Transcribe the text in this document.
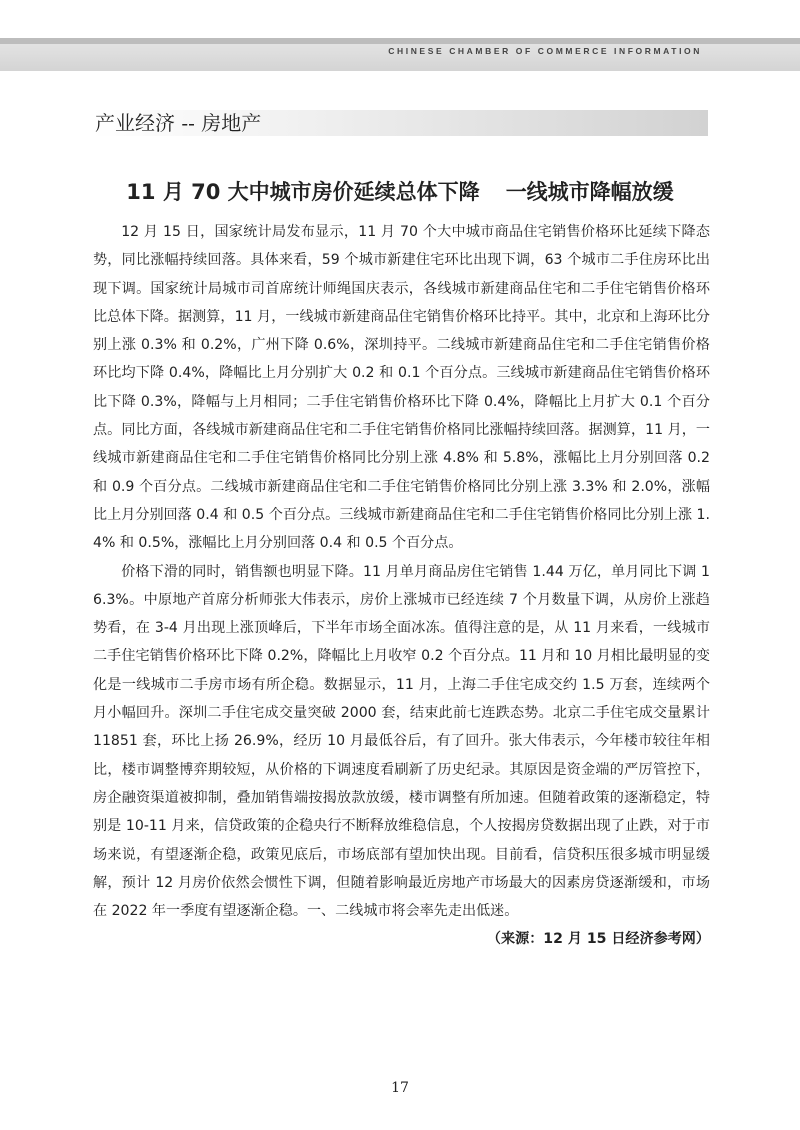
CHINESE CHAMBER OF COMMERCE INFORMATION
产业经济 -- 房地产
11 月 70 大中城市房价延续总体下降 一线城市降幅放缓

12 月 15 日，国家统计局发布显示，11 月 70 个大中城市商品住宅销售价格环比延续下降态势，同比涨幅持续回落。具体来看，59 个城市新建住宅环比出现下调，63 个城市二手住房环比出现下调。国家统计局城市司首席统计师绳国庆表示，各线城市新建商品住宅和二手住宅销售价格环比总体下降。据测算，11 月，一线城市新建商品住宅销售价格环比持平。其中，北京和上海环比分别上涨 0.3% 和 0.2%，广州下降 0.6%，深圳持平。二线城市新建商品住宅和二手住宅销售价格环比均下降 0.4%，降幅比上月分别扩大 0.2 和 0.1 个百分点。三线城市新建商品住宅销售价格环比下降 0.3%，降幅与上月相同；二手住宅销售价格环比下降 0.4%，降幅比上月扩大 0.1 个百分点。同比方面，各线城市新建商品住宅和二手住宅销售价格同比涨幅持续回落。据测算，11 月，一线城市新建商品住宅和二手住宅销售价格同比分别上涨 4.8% 和 5.8%，涨幅比上月分别回落 0.2 和 0.9 个百分点。二线城市新建商品住宅和二手住宅销售价格同比分别上涨 3.3% 和 2.0%，涨幅比上月分别回落 0.4 和 0.5 个百分点。三线城市新建商品住宅和二手住宅销售价格同比分别上涨 1.4% 和 0.5%，涨幅比上月分别回落 0.4 和 0.5 个百分点。

价格下滑的同时，销售额也明显下降。11 月单月商品房住宅销售 1.44 万亿，单月同比下调 16.3%。中原地产首席分析师张大伟表示，房价上涨城市已经连续 7 个月数量下调，从房价上涨趋势看，在 3-4 月出现上涨顶峰后，下半年市场全面冰冻。值得注意的是，从 11 月来看，一线城市二手住宅销售价格环比下降 0.2%，降幅比上月收窄 0.2 个百分点。11 月和 10 月相比最明显的变化是一线城市二手房市场有所企稳。数据显示，11 月，上海二手住宅成交约 1.5 万套，连续两个月小幅回升。深圳二手住宅成交量突破 2000 套，结束此前七连跌态势。北京二手住宅成交量累计 11851 套，环比上扬 26.9%，经历 10 月最低谷后，有了回升。张大伟表示，今年楼市较往年相比，楼市调整博弈期较短，从价格的下调速度看刷新了历史纪录。其原因是资金端的严厉管控下，房企融资渠道被抑制，叠加销售端按揭放款放缓，楼市调整有所加速。但随着政策的逐渐稳定，特别是 10-11 月来，信贷政策的企稳央行不断释放维稳信息，个人按揭房贷数据出现了止跌，对于市场来说，有望逐渐企稳，政策见底后，市场底部有望加快出现。目前看，信贷积压很多城市明显缓解，预计 12 月房价依然会惯性下调，但随着影响最近房地产市场最大的因素房贷逐渐缓和，市场在 2022 年一季度有望逐渐企稳。一、二线城市将会率先走出低迷。
（来源：12 月 15 日经济参考网）

17
